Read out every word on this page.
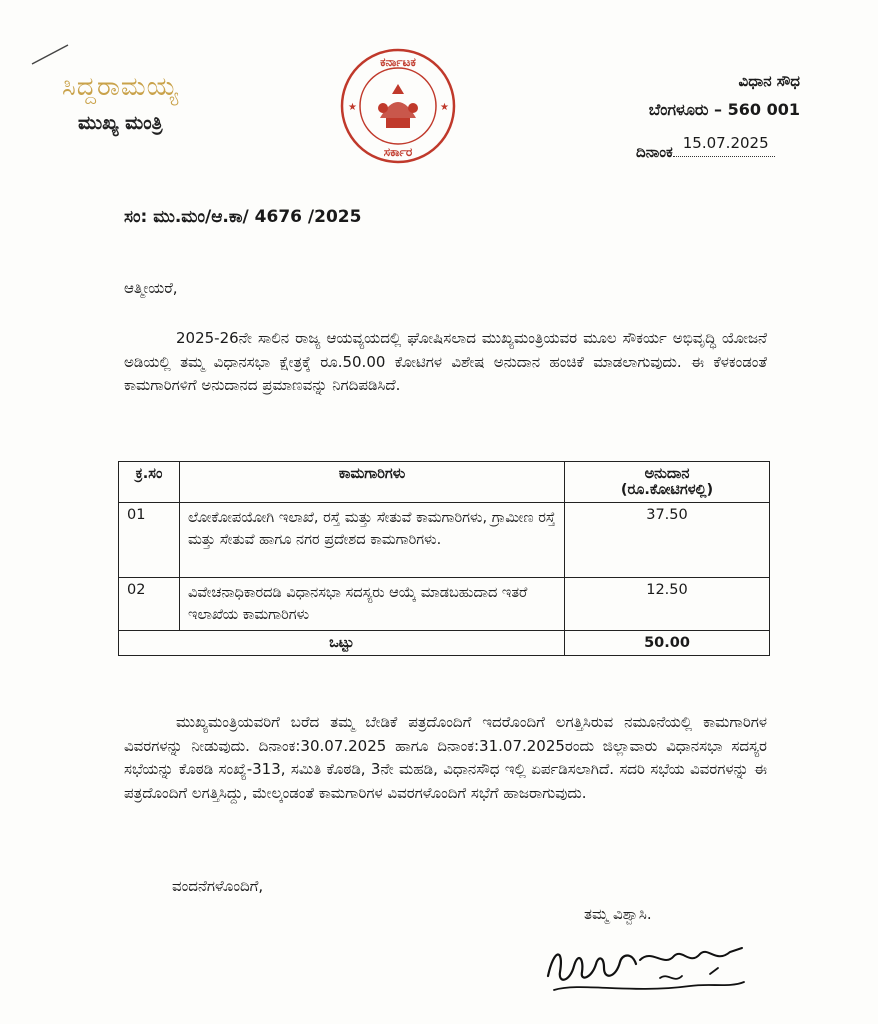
ಸಿದ್ದರಾಮಯ್ಯ
ಮುಖ್ಯ ಮಂತ್ರಿ
★	★
ಕರ್ನಾಟಕ
ಸರ್ಕಾರ
ವಿಧಾನ ಸೌಧ
ಬೆಂಗಳೂರು – 560 001
ದಿನಾಂಕ 15.07.2025
ಸಂ: ಮು.ಮಂ/ಆ.ಕಾ/ 4676 /2025
ಆತ್ಮೀಯರೆ,
2025-26ನೇ ಸಾಲಿನ ರಾಜ್ಯ ಆಯವ್ಯಯದಲ್ಲಿ ಘೋಷಿಸಲಾದ ಮುಖ್ಯಮಂತ್ರಿಯವರ ಮೂಲ ಸೌಕರ್ಯ ಅಭಿವೃದ್ಧಿ ಯೋಜನೆ ಅಡಿಯಲ್ಲಿ ತಮ್ಮ ವಿಧಾನಸಭಾ ಕ್ಷೇತ್ರಕ್ಕೆ ರೂ.50.00 ಕೋಟಿಗಳ ವಿಶೇಷ ಅನುದಾನ ಹಂಚಿಕೆ ಮಾಡಲಾಗುವುದು. ಈ ಕೆಳಕಂಡಂತೆ ಕಾಮಗಾರಿಗಳಿಗೆ ಅನುದಾನದ ಪ್ರಮಾಣವನ್ನು ನಿಗದಿಪಡಿಸಿದೆ.
ಕ್ರ.ಸಂ	ಕಾಮಗಾರಿಗಳು	ಅನುದಾನ
(ರೂ.ಕೋಟಿಗಳಲ್ಲಿ)

01	ಲೋಕೋಪಯೋಗಿ ಇಲಾಖೆ, ರಸ್ತೆ ಮತ್ತು ಸೇತುವೆ ಕಾಮಗಾರಿಗಳು, ಗ್ರಾಮೀಣ ರಸ್ತೆ ಮತ್ತು ಸೇತುವೆ ಹಾಗೂ ನಗರ ಪ್ರದೇಶದ ಕಾಮಗಾರಿಗಳು.	37.50
02	ವಿವೇಚನಾಧಿಕಾರದಡಿ ವಿಧಾನಸಭಾ ಸದಸ್ಯರು ಆಯ್ಕೆ ಮಾಡಬಹುದಾದ ಇತರೆ ಇಲಾಖೆಯ ಕಾಮಗಾರಿಗಳು	12.50
ಒಟ್ಟು		50.00
ಮುಖ್ಯಮಂತ್ರಿಯವರಿಗೆ ಬರೆದ ತಮ್ಮ ಬೇಡಿಕೆ ಪತ್ರದೊಂದಿಗೆ ಇದರೊಂದಿಗೆ ಲಗತ್ತಿಸಿರುವ ನಮೂನೆಯಲ್ಲಿ ಕಾಮಗಾರಿಗಳ ವಿವರಗಳನ್ನು ನೀಡುವುದು. ದಿನಾಂಕ:30.07.2025 ಹಾಗೂ ದಿನಾಂಕ:31.07.2025ರಂದು ಜಿಲ್ಲಾವಾರು ವಿಧಾನಸಭಾ ಸದಸ್ಯರ ಸಭೆಯನ್ನು ಕೊಠಡಿ ಸಂಖ್ಯೆ-313, ಸಮಿತಿ ಕೊಠಡಿ, 3ನೇ ಮಹಡಿ, ವಿಧಾನಸೌಧ ಇಲ್ಲಿ ಏರ್ಪಡಿಸಲಾಗಿದೆ. ಸದರಿ ಸಭೆಯ ವಿವರಗಳನ್ನು ಈ ಪತ್ರದೊಂದಿಗೆ ಲಗತ್ತಿಸಿದ್ದು, ಮೇಲ್ಕಂಡಂತೆ ಕಾಮಗಾರಿಗಳ ವಿವರಗಳೊಂದಿಗೆ ಸಭೆಗೆ ಹಾಜರಾಗುವುದು.
ವಂದನೆಗಳೊಂದಿಗೆ,
ತಮ್ಮ ವಿಶ್ವಾಸಿ.
